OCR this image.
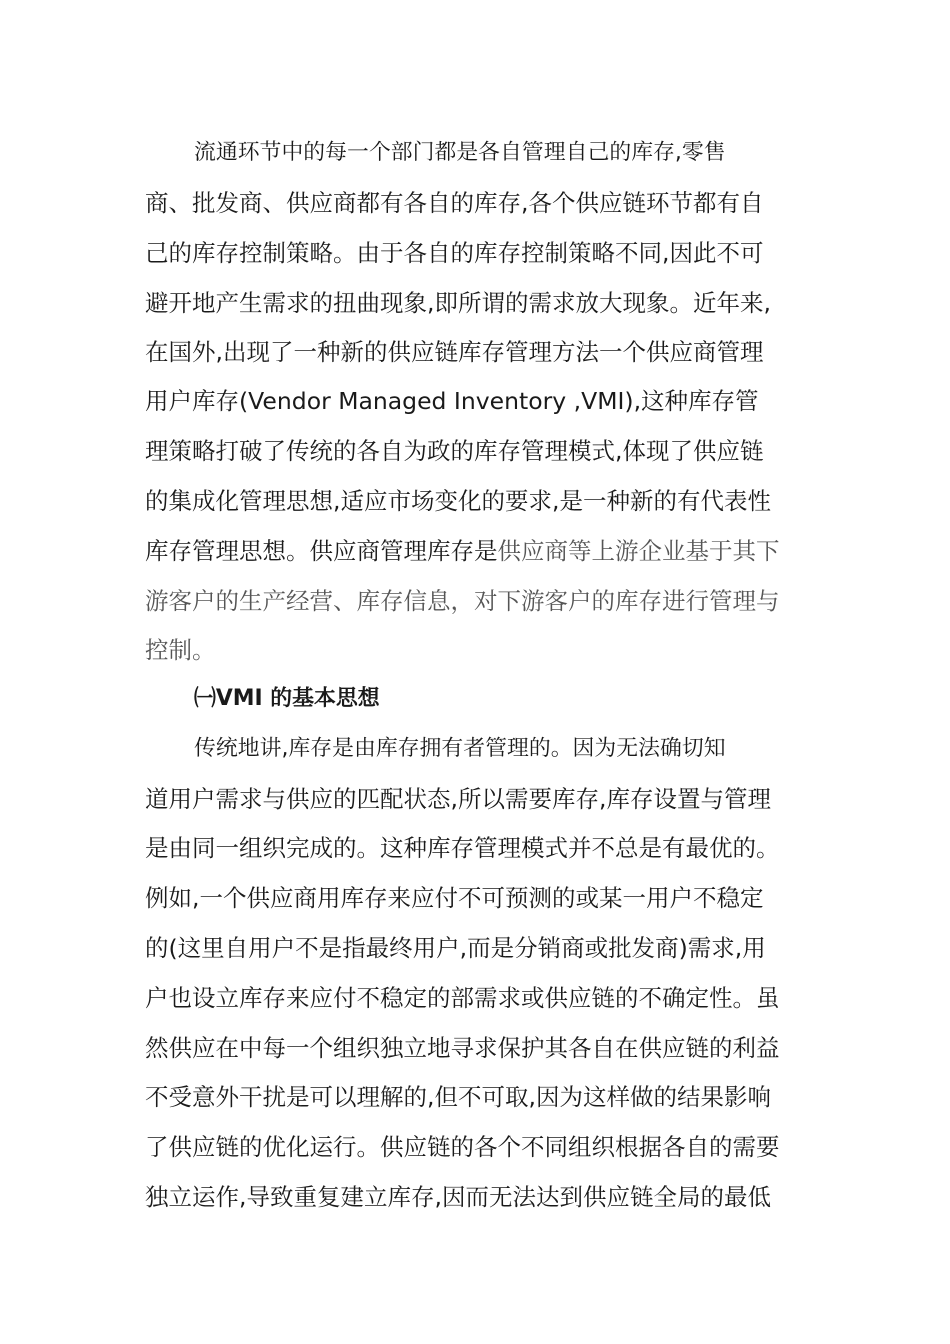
流通环节中的每一个部门都是各自管理自己的库存,零售
商、批发商、供应商都有各自的库存,各个供应链环节都有自
己的库存控制策略。由于各自的库存控制策略不同,因此不可
避开地产生需求的扭曲现象,即所谓的需求放大现象。近年来,
在国外,出现了一种新的供应链库存管理方法一个供应商管理
用户库存(Vendor Managed Inventory ,VMI),这种库存管
理策略打破了传统的各自为政的库存管理模式,体现了供应链
的集成化管理思想,适应市场变化的要求,是一种新的有代表性
库存管理思想。供应商管理库存是供应商等上游企业基于其下
游客户的生产经营、库存信息，对下游客户的库存进行管理与
控制。
㈠VMI 的基本思想
传统地讲,库存是由库存拥有者管理的。因为无法确切知
道用户需求与供应的匹配状态,所以需要库存,库存设置与管理
是由同一组织完成的。这种库存管理模式并不总是有最优的。
例如,一个供应商用库存来应付不可预测的或某一用户不稳定
的(这里自用户不是指最终用户,而是分销商或批发商)需求,用
户也设立库存来应付不稳定的部需求或供应链的不确定性。虽
然供应在中每一个组织独立地寻求保护其各自在供应链的利益
不受意外干扰是可以理解的,但不可取,因为这样做的结果影响
了供应链的优化运行。供应链的各个不同组织根据各自的需要
独立运作,导致重复建立库存,因而无法达到供应链全局的最低
